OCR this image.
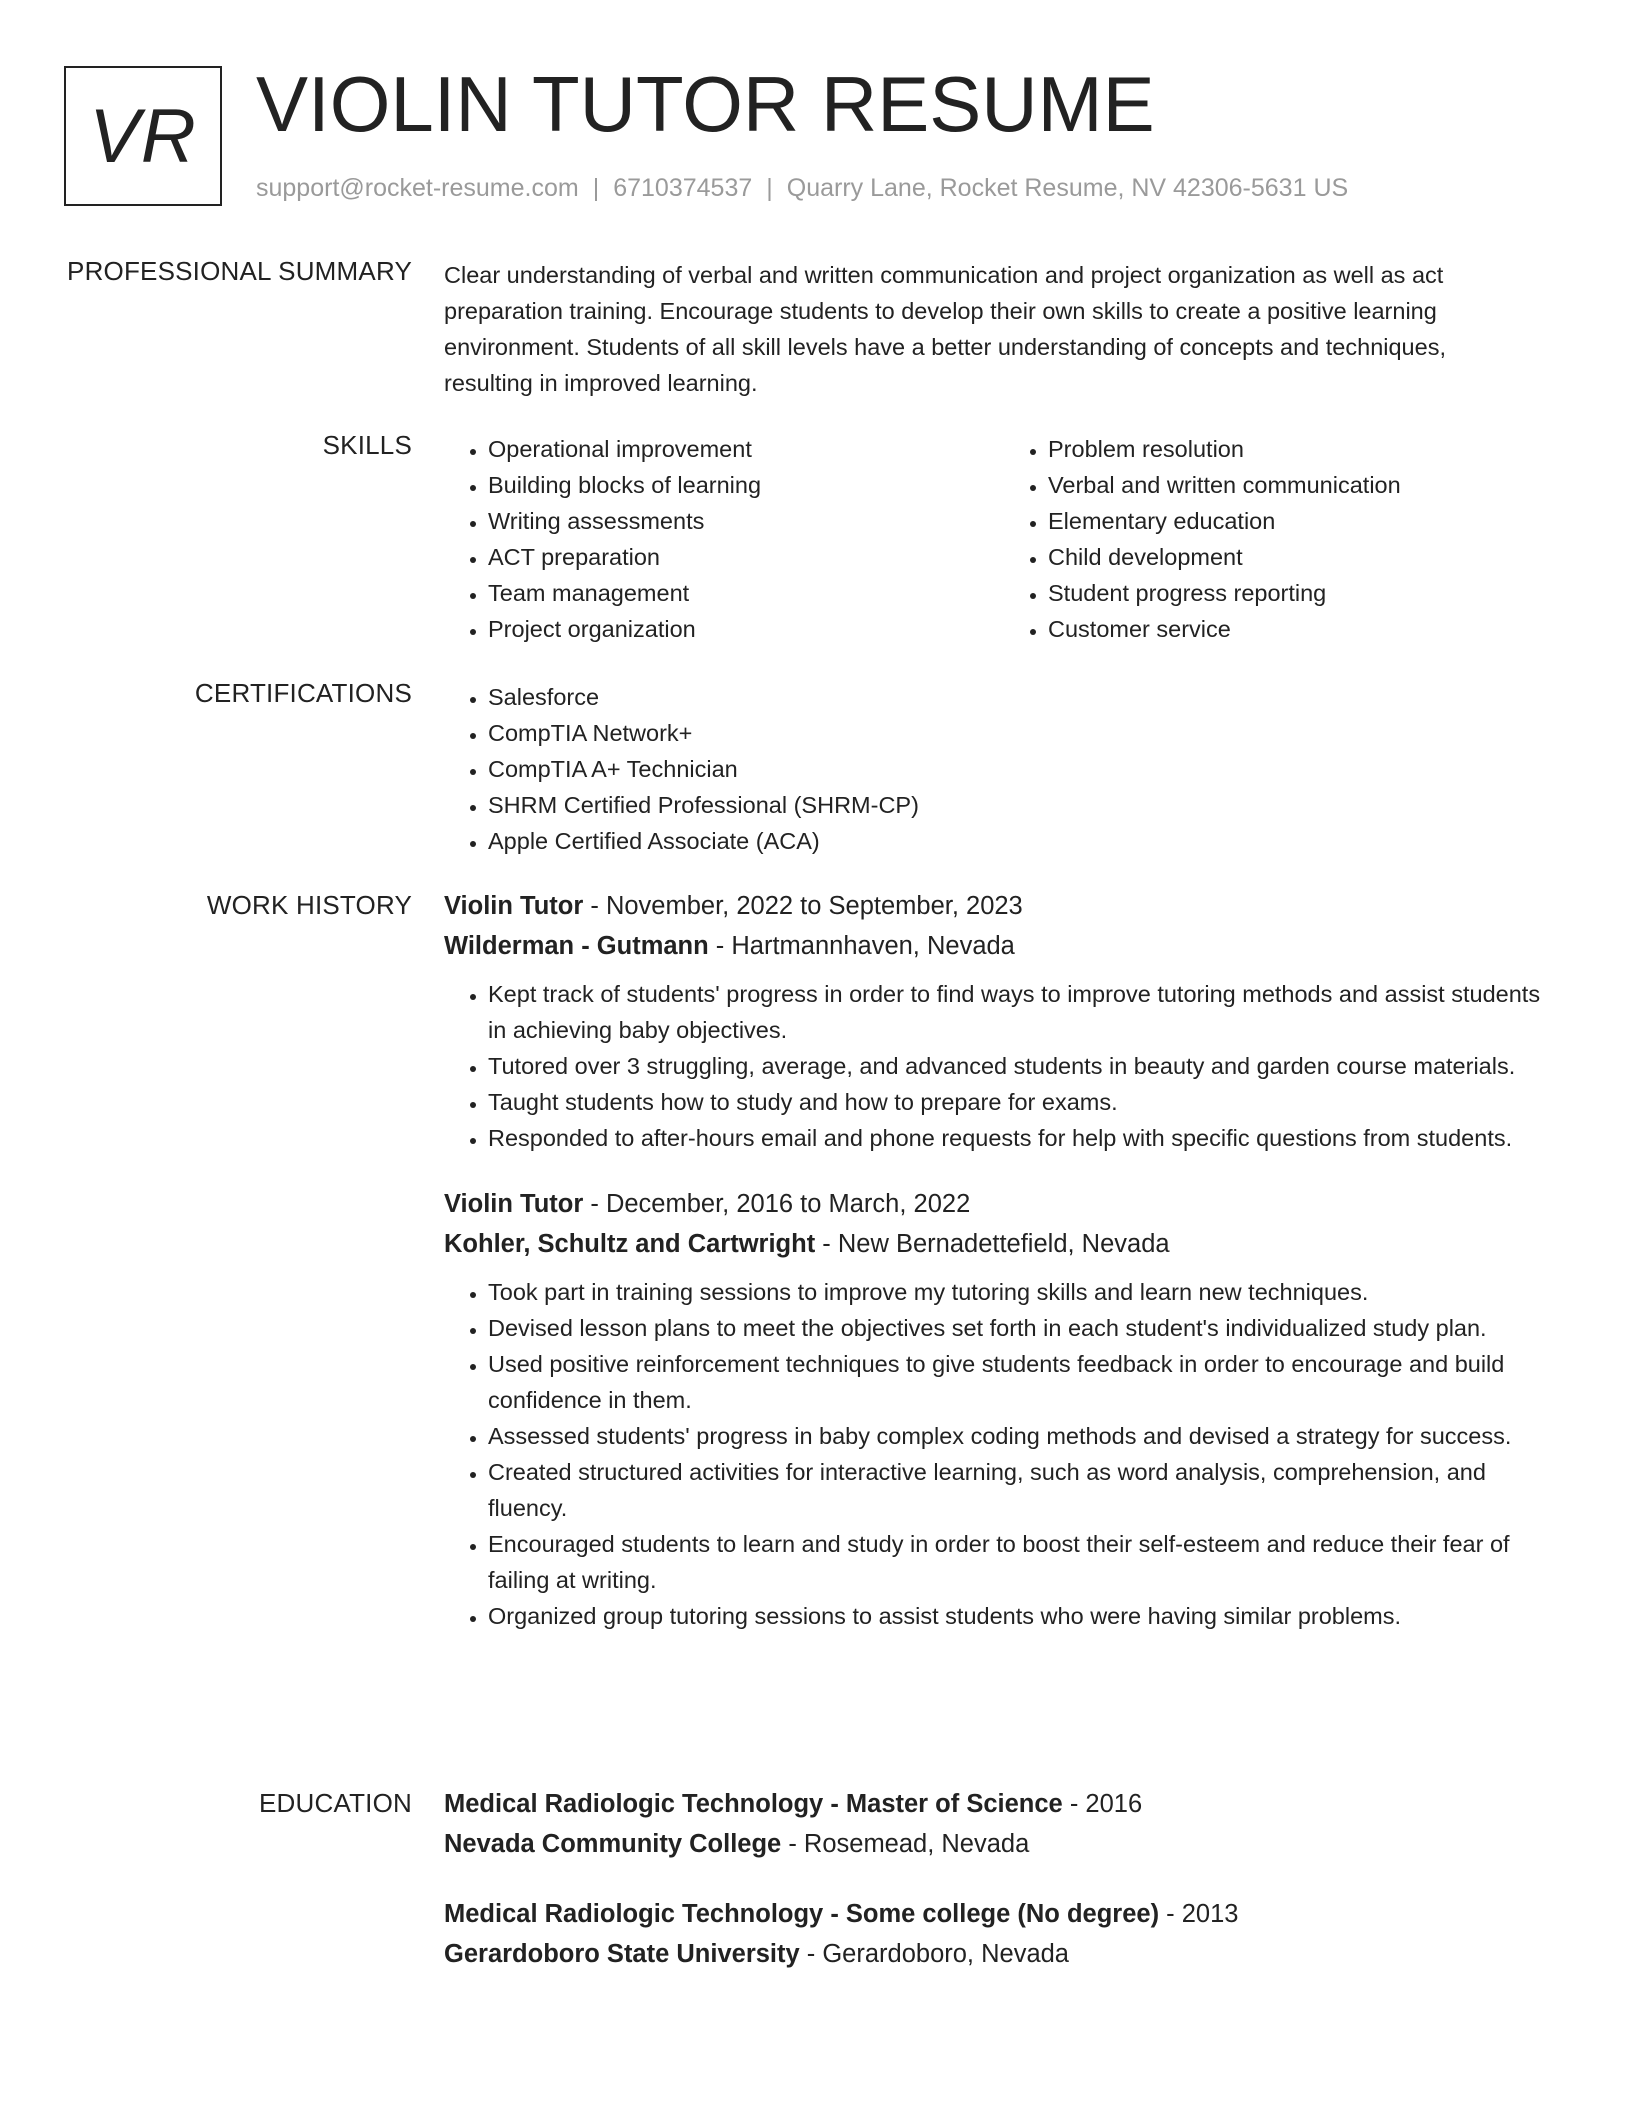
VR VIOLIN TUTOR RESUME
support@rocket-resume.com | 6710374537 | Quarry Lane, Rocket Resume, NV 42306-5631 US
PROFESSIONAL SUMMARY Clear understanding of verbal and written communication and project organization as well as act preparation training. Encourage students to develop their own skills to create a positive learning environment. Students of all skill levels have a better understanding of concepts and techniques, resulting in improved learning.
SKILLS	• Operational improvement
• Building blocks of learning
• Writing assessments
• ACT preparation
• Team management
• Project organization
• Problem resolution
• Verbal and written communication
• Elementary education
• Child development
• Student progress reporting
• Customer service
CERTIFICATIONS	• Salesforce
• CompTIA Network+
• CompTIA A+ Technician
• SHRM Certified Professional (SHRM-CP)
• Apple Certified Associate (ACA)
WORK HISTORY Violin Tutor - November, 2022 to September, 2023
Wilderman - Gutmann - Hartmannhaven, Nevada
• Kept track of students' progress in order to find ways to improve tutoring methods and assist students in achieving baby objectives.
• Tutored over 3 struggling, average, and advanced students in beauty and garden course materials.
• Taught students how to study and how to prepare for exams.
• Responded to after-hours email and phone requests for help with specific questions from students.
Violin Tutor - December, 2016 to March, 2022
Kohler, Schultz and Cartwright - New Bernadettefield, Nevada
• Took part in training sessions to improve my tutoring skills and learn new techniques.
• Devised lesson plans to meet the objectives set forth in each student's individualized study plan.
• Used positive reinforcement techniques to give students feedback in order to encourage and build confidence in them.
• Assessed students' progress in baby complex coding methods and devised a strategy for success.
• Created structured activities for interactive learning, such as word analysis, comprehension, and fluency.
• Encouraged students to learn and study in order to boost their self-esteem and reduce their fear of failing at writing.
• Organized group tutoring sessions to assist students who were having similar problems.
EDUCATION Medical Radiologic Technology - Master of Science - 2016
Nevada Community College - Rosemead, Nevada
Medical Radiologic Technology - Some college (No degree) - 2013
Gerardoboro State University - Gerardoboro, Nevada
